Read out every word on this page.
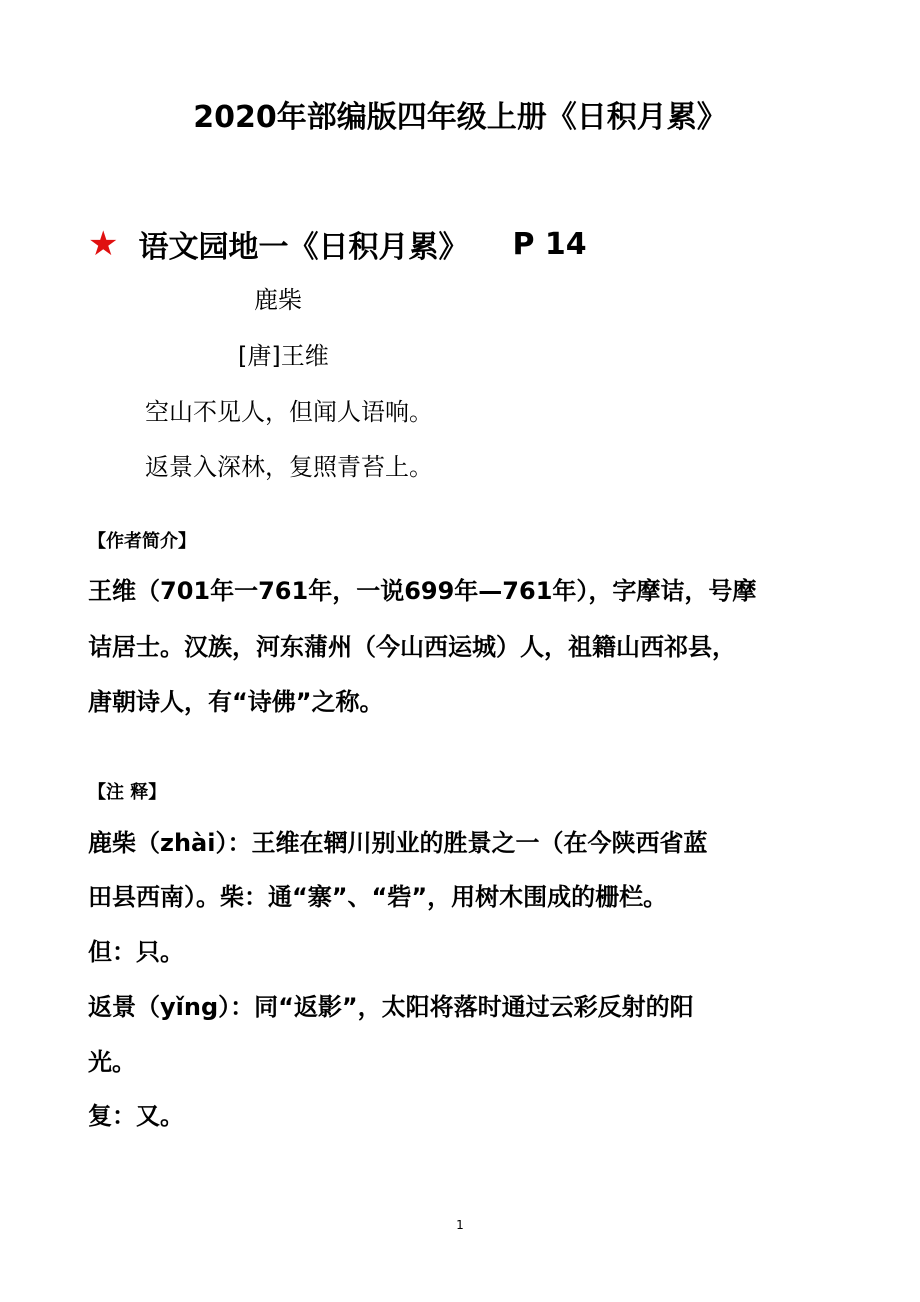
2020年部编版四年级上册《日积月累》
★ 语文园地一《日积月累》 P 14
鹿柴
[唐]王维
空山不见人，但闻人语响。
返景入深林，复照青苔上。
【作者简介】
王维（701年一761年，一说699年—761年），字摩诘，号摩
诘居士。汉族，河东蒲州（今山西运城）人，祖籍山西祁县，
唐朝诗人，有“诗佛”之称。
【注 释】
鹿柴（zhài）：王维在辋川别业的胜景之一（在今陕西省蓝
田县西南）。柴：通“寨”、“砦”，用树木围成的栅栏。
但：只。
返景（yǐng）：同“返影”，太阳将落时通过云彩反射的阳
光。
复：又。
1
